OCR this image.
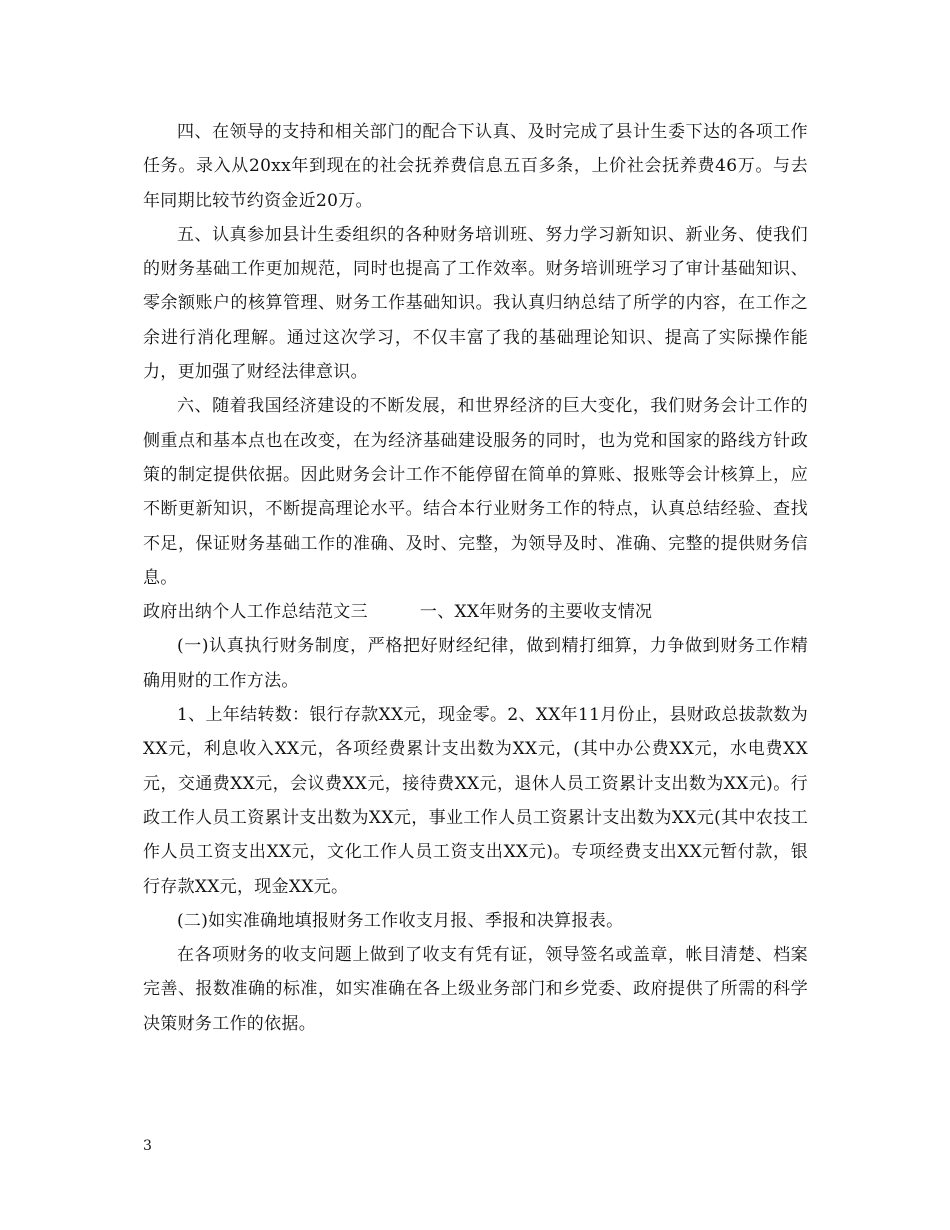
四、在领导的支持和相关部门的配合下认真、及时完成了县计生委下达的各项工作任务。录入从20xx年到现在的社会抚养费信息五百多条，上价社会抚养费46万。与去年同期比较节约资金近20万。

五、认真参加县计生委组织的各种财务培训班、努力学习新知识、新业务、使我们的财务基础工作更加规范，同时也提高了工作效率。财务培训班学习了审计基础知识、零余额账户的核算管理、财务工作基础知识。我认真归纳总结了所学的内容，在工作之余进行消化理解。通过这次学习，不仅丰富了我的基础理论知识、提高了实际操作能力，更加强了财经法律意识。

六、随着我国经济建设的不断发展，和世界经济的巨大变化，我们财务会计工作的侧重点和基本点也在改变，在为经济基础建设服务的同时，也为党和国家的路线方针政策的制定提供依据。因此财务会计工作不能停留在简单的算账、报账等会计核算上，应不断更新知识，不断提高理论水平。结合本行业财务工作的特点，认真总结经验、查找不足，保证财务基础工作的准确、及时、完整，为领导及时、准确、完整的提供财务信息。

政府出纳个人工作总结范文三	一、XX年财务的主要收支情况

(一)认真执行财务制度，严格把好财经纪律，做到精打细算，力争做到财务工作精确用财的工作方法。

1、上年结转数：银行存款XX元，现金零。2、XX年11月份止，县财政总拔款数为XX元，利息收入XX元，各项经费累计支出数为XX元，(其中办公费XX元，水电费XX元，交通费XX元，会议费XX元，接待费XX元，退休人员工资累计支出数为XX元)。行政工作人员工资累计支出数为XX元，事业工作人员工资累计支出数为XX元(其中农技工作人员工资支出XX元，文化工作人员工资支出XX元)。专项经费支出XX元暂付款，银行存款XX元，现金XX元。

(二)如实准确地填报财务工作收支月报、季报和决算报表。

在各项财务的收支问题上做到了收支有凭有证，领导签名或盖章，帐目清楚、档案完善、报数准确的标准，如实准确在各上级业务部门和乡党委、政府提供了所需的科学决策财务工作的依据。

3
